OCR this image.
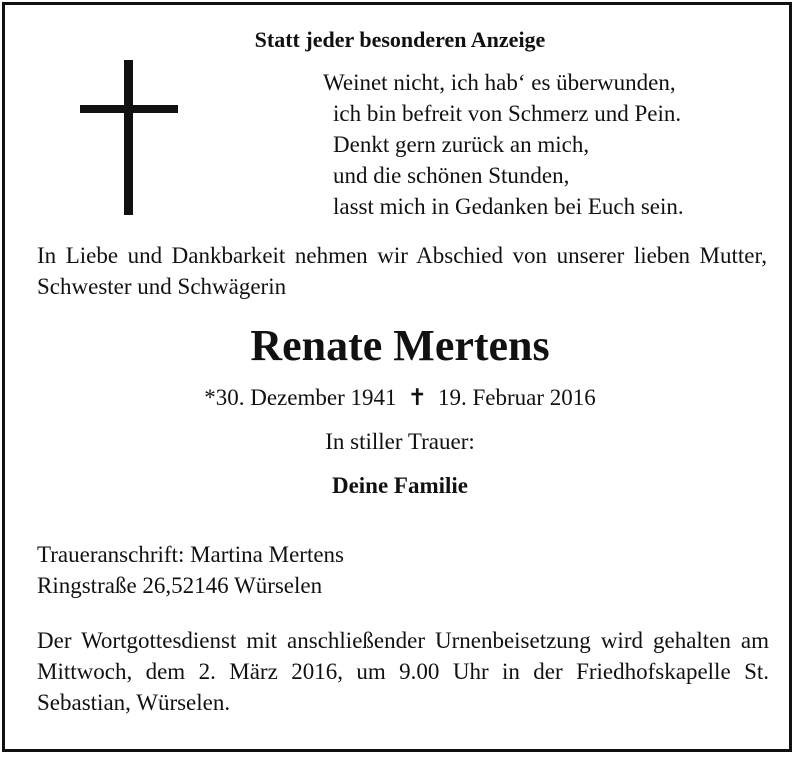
Statt jeder besonderen Anzeige
Weinet nicht, ich hab‘ es überwunden,
ich bin befreit von Schmerz und Pein.
Denkt gern zurück an mich,
und die schönen Stunden,
lasst mich in Gedanken bei Euch sein.
In Liebe und Dankbarkeit nehmen wir Abschied von unserer lieben Mutter, Schwester und Schwägerin
Renate Mertens
*30. Dezember 1941 ✝ 19. Februar 2016
In stiller Trauer:
Deine Familie
Traueranschrift: Martina Mertens
Ringstraße 26,52146 Würselen
Der Wortgottesdienst mit anschließender Urnenbeisetzung wird gehalten am Mittwoch, dem 2. März 2016, um 9.00 Uhr in der Friedhofskapelle St. Sebastian, Würselen.
